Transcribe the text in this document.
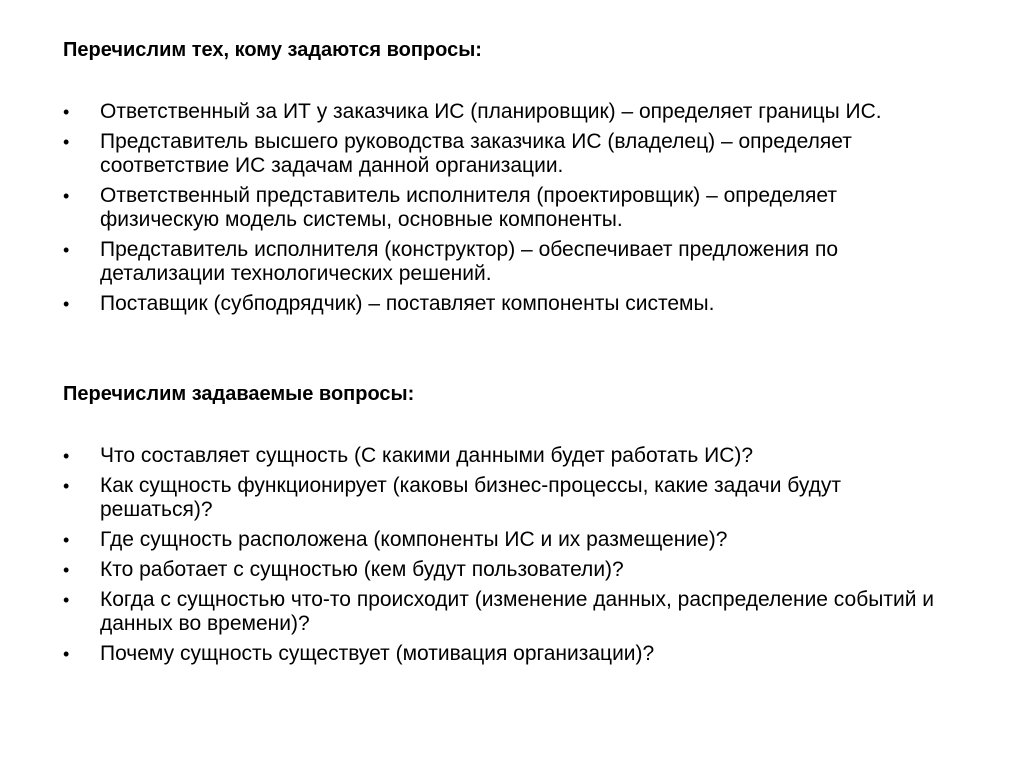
Перечислим тех, кому задаются вопросы:
• Ответственный за ИТ у заказчика ИС (планировщик) – определяет границы ИС.
• Представитель высшего руководства заказчика ИС (владелец) – определяет соответствие ИС задачам данной организации.
• Ответственный представитель исполнителя (проектировщик) – определяет физическую модель системы, основные компоненты.
• Представитель исполнителя (конструктор) – обеспечивает предложения по детализации технологических решений.
• Поставщик (субподрядчик) – поставляет компоненты системы.
Перечислим задаваемые вопросы:
• Что составляет сущность (С какими данными будет работать ИС)?
• Как сущность функционирует (каковы бизнес-процессы, какие задачи будут решаться)?
• Где сущность расположена (компоненты ИС и их размещение)?
• Кто работает с сущностью (кем будут пользователи)?
• Когда с сущностью что-то происходит (изменение данных, распределение событий и данных во времени)?
• Почему сущность существует (мотивация организации)?
